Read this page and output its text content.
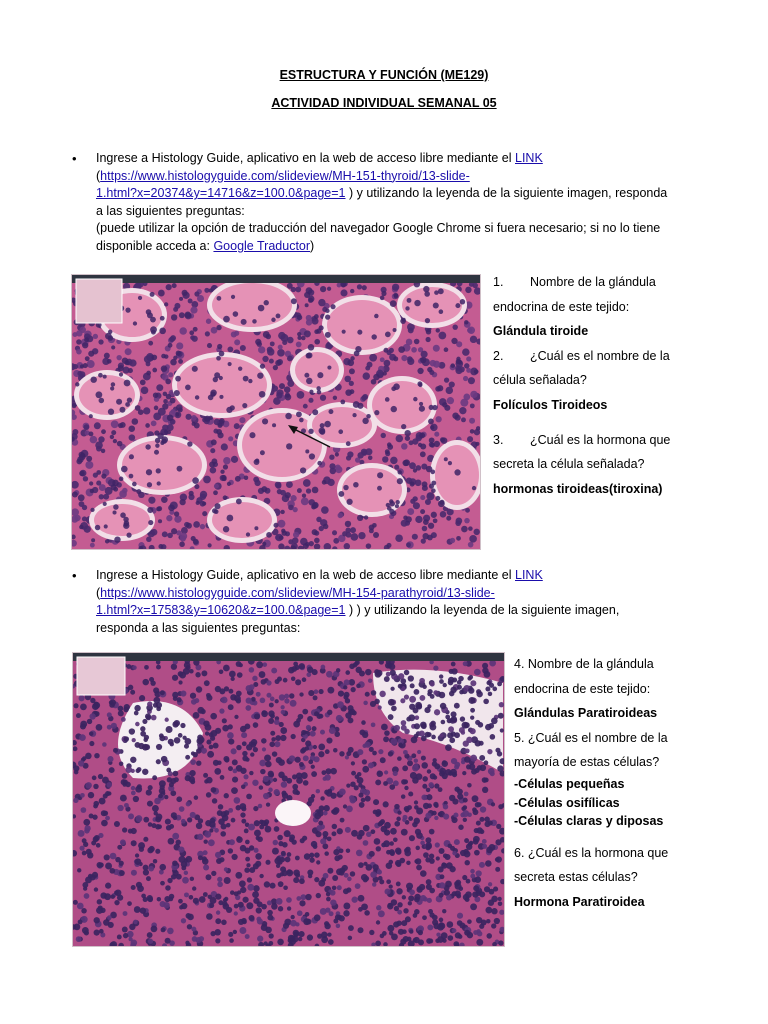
ESTRUCTURA Y FUNCIÓN (ME129)
ACTIVIDAD INDIVIDUAL SEMANAL 05
• Ingrese a Histology Guide, aplicativo en la web de acceso libre mediante el LINK
(https://www.histologyguide.com/slideview/MH-151-thyroid/13-slide-
1.html?x=20374&y=14716&z=100.0&page=1 ) y utilizando la leyenda de la siguiente imagen, responda
a las siguientes preguntas:
(puede utilizar la opción de traducción del navegador Google Chrome si fuera necesario; si no lo tiene
disponible acceda a: Google Traductor)
1. Nombre de la glándula
endocrina de este tejido:
Glándula tiroide
2. ¿Cuál es el nombre de la
célula señalada?
Folículos Tiroideos
3. ¿Cuál es la hormona que
secreta la célula señalada?
hormonas tiroideas(tiroxina)
• Ingrese a Histology Guide, aplicativo en la web de acceso libre mediante el LINK
(https://www.histologyguide.com/slideview/MH-154-parathyroid/13-slide-
1.html?x=17583&y=10620&z=100.0&page=1 ) ) y utilizando la leyenda de la siguiente imagen,
responda a las siguientes preguntas:
4. Nombre de la glándula
endocrina de este tejido:
Glándulas Paratiroideas
5. ¿Cuál es el nombre de la
mayoría de estas células?
-Células pequeñas
-Células osifílicas
-Células claras y diposas
6. ¿Cuál es la hormona que
secreta estas células?
Hormona Paratiroidea
